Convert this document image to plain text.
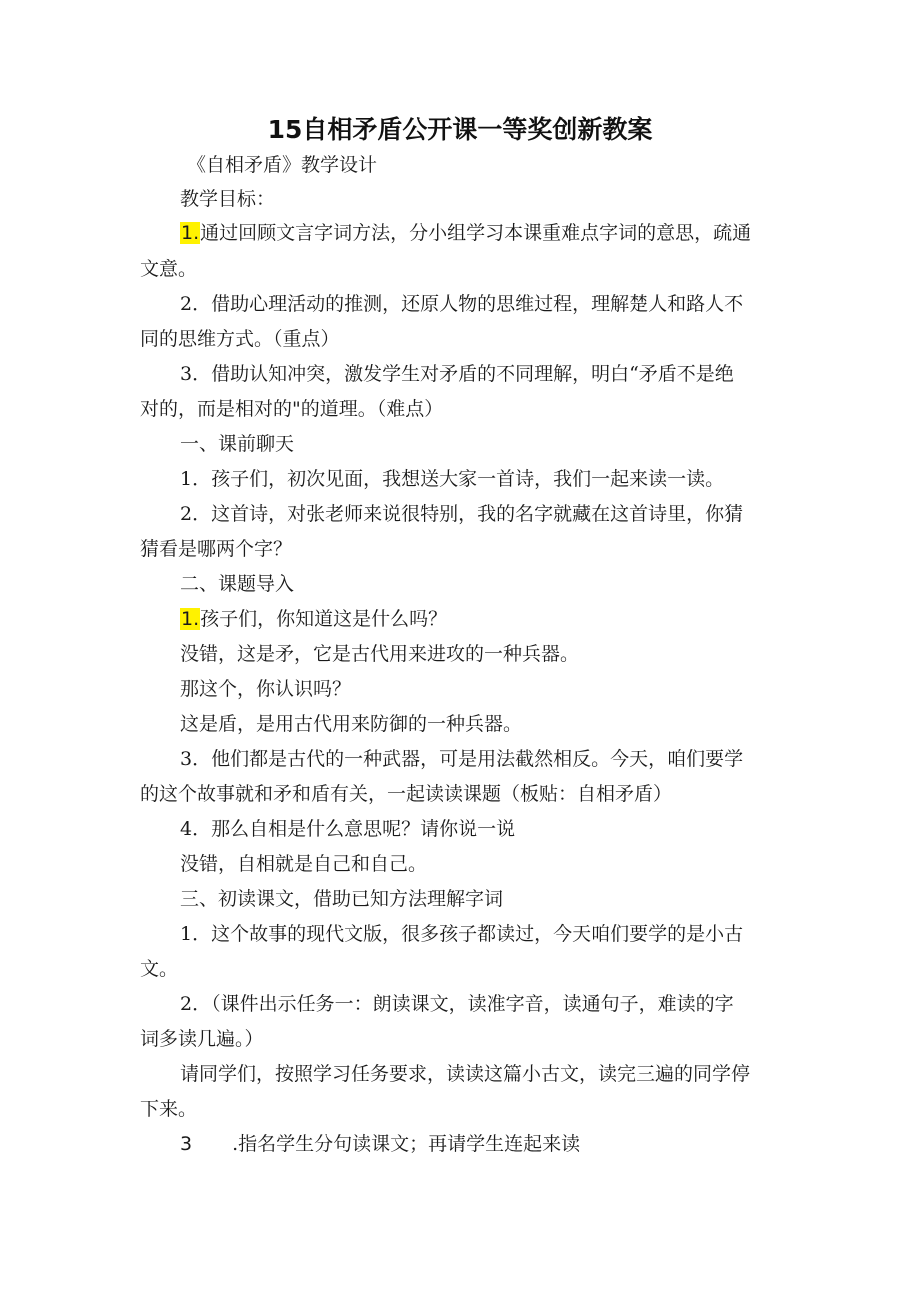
15自相矛盾公开课一等奖创新教案
《自相矛盾》教学设计
教学目标：
1.通过回顾文言字词方法，分小组学习本课重难点字词的意思，疏通
文意。
2．借助心理活动的推测，还原人物的思维过程，理解楚人和路人不
同的思维方式。（重点）
3．借助认知冲突，激发学生对矛盾的不同理解，明白“矛盾不是绝
对的，而是相对的"的道理。（难点）
一、课前聊天
1．孩子们，初次见面，我想送大家一首诗，我们一起来读一读。
2．这首诗，对张老师来说很特别，我的名字就藏在这首诗里，你猜
猜看是哪两个字？
二、课题导入
1.孩子们，你知道这是什么吗？
没错，这是矛，它是古代用来进攻的一种兵器。
那这个，你认识吗？
这是盾，是用古代用来防御的一种兵器。
3．他们都是古代的一种武器，可是用法截然相反。今天，咱们要学
的这个故事就和矛和盾有关，一起读读课题（板贴：自相矛盾）
4．那么自相是什么意思呢？请你说一说
没错，自相就是自己和自己。
三、初读课文，借助已知方法理解字词
1．这个故事的现代文版，很多孩子都读过，今天咱们要学的是小古
文。
2．（课件出示任务一：朗读课文，读准字音，读通句子，难读的字
词多读几遍。）
请同学们，按照学习任务要求，读读这篇小古文，读完三遍的同学停
下来。
3 .指名学生分句读课文；再请学生连起来读
